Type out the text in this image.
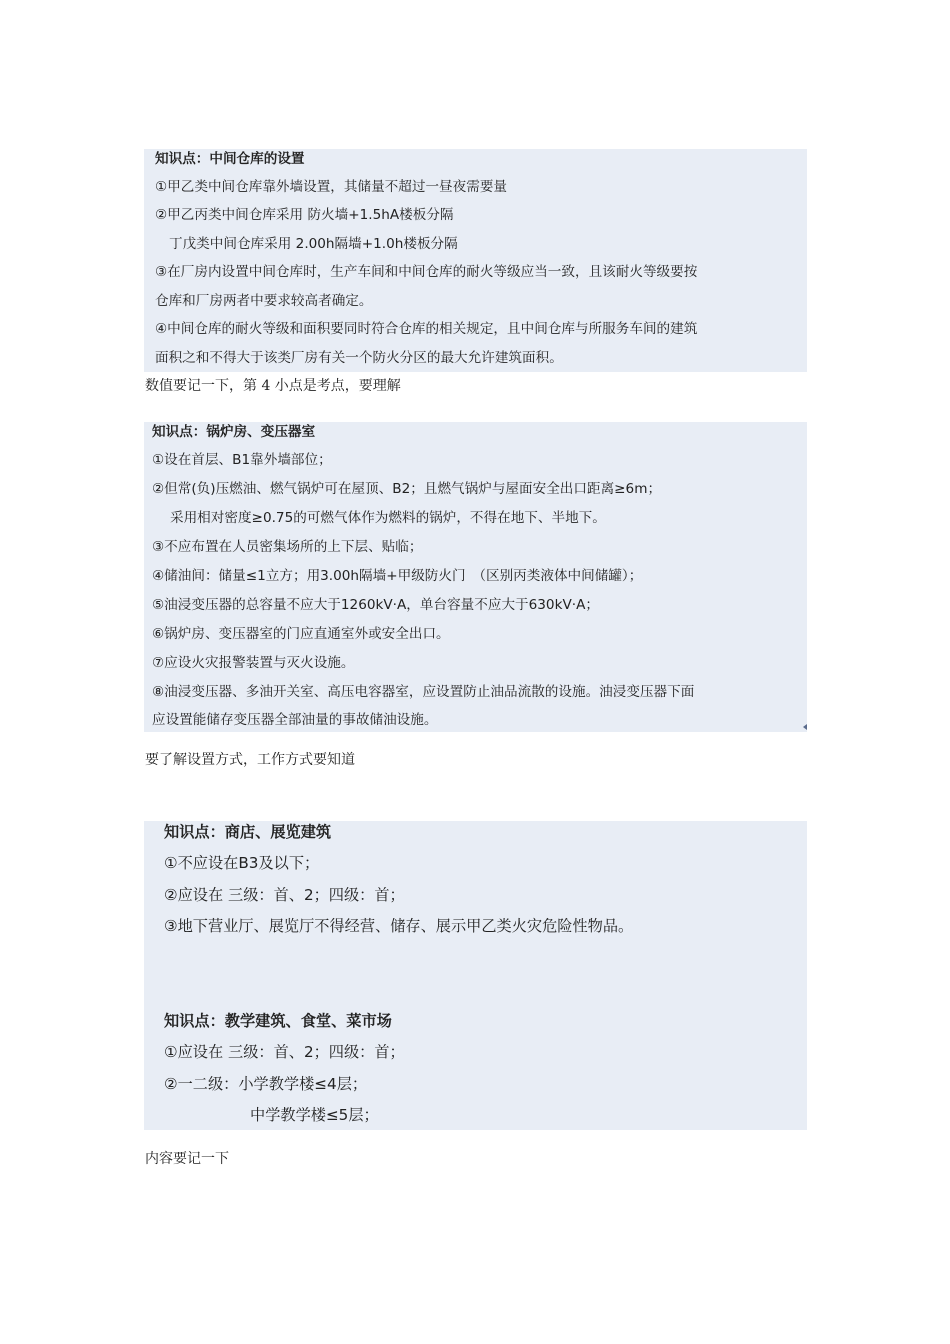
知识点：中间仓库的设置
①甲乙类中间仓库靠外墙设置，其储量不超过一昼夜需要量
②甲乙丙类中间仓库采用 防火墙+1.5hA楼板分隔
丁戊类中间仓库采用 2.00h隔墙+1.0h楼板分隔
③在厂房内设置中间仓库时，生产车间和中间仓库的耐火等级应当一致，且该耐火等级要按
仓库和厂房两者中要求较高者确定。
④中间仓库的耐火等级和面积要同时符合仓库的相关规定，且中间仓库与所服务车间的建筑
面积之和不得大于该类厂房有关一个防火分区的最大允许建筑面积。
数值要记一下，第 4 小点是考点，要理解
知识点：锅炉房、变压器室
①设在首层、B1靠外墙部位；
②但常(负)压燃油、燃气锅炉可在屋顶、B2；且燃气锅炉与屋面安全出口距离≥6m；
采用相对密度≥0.75的可燃气体作为燃料的锅炉，不得在地下、半地下。
③不应布置在人员密集场所的上下层、贴临；
④储油间：储量≤1立方；用3.00h隔墙+甲级防火门　（区别丙类液体中间储罐）；
⑤油浸变压器的总容量不应大于1260kV·A，单台容量不应大于630kV·A；
⑥锅炉房、变压器室的门应直通室外或安全出口。
⑦应设火灾报警装置与灭火设施。
⑧油浸变压器、多油开关室、高压电容器室，应设置防止油品流散的设施。油浸变压器下面
应设置能储存变压器全部油量的事故储油设施。
要了解设置方式，工作方式要知道
知识点：商店、展览建筑
①不应设在B3及以下；
②应设在 三级：首、2；四级：首；
③地下营业厅、展览厅不得经营、储存、展示甲乙类火灾危险性物品。
知识点：教学建筑、食堂、菜市场
①应设在 三级：首、2；四级：首；
②一二级：小学教学楼≤4层；
中学教学楼≤5层；
内容要记一下
